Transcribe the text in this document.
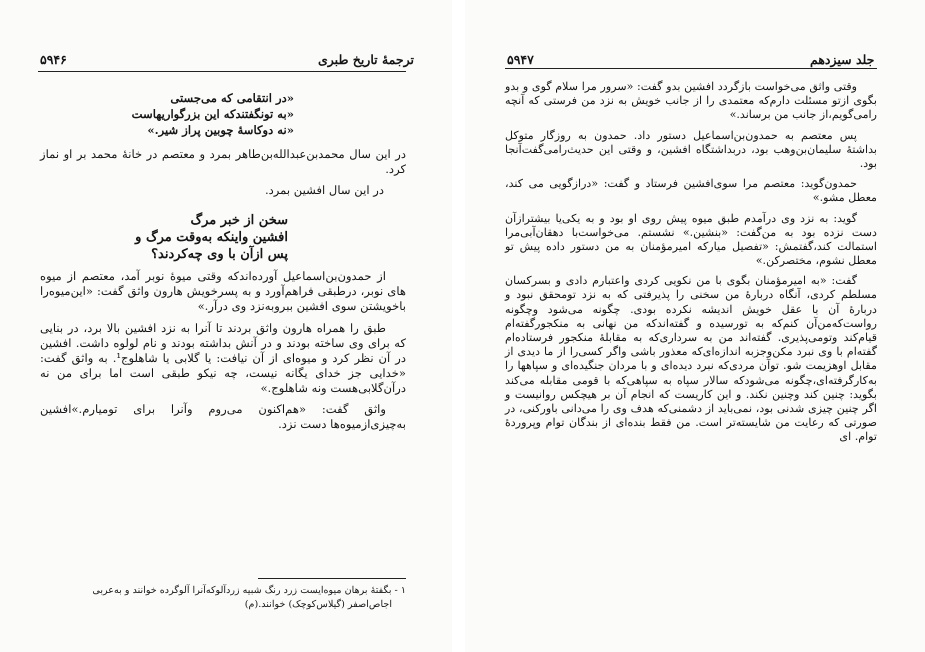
ترجمهٔ تاریخ طبری
۵۹۴۶
«در انتقامی که می‌جستی
«به تونگفتندکه این بزرگواریهاست
«نه دوکاسهٔ چوبین پراز شیر.»

در این سال محمدبن‌عبدالله‌بن‌طاهر بمرد و معتصم در خانهٔ محمد بر او نماز کرد.

در این سال افشین بمرد.

سخن از خبر مرگ
افشین واینکه به‌وقت مرگ و
پس ازآن با وی چه‌کردند؟

از حمدون‌بن‌اسماعیل آورده‌اندکه وقتی میوهٔ نوبر آمد، معتصم از میوه های نوبر، درطبقی فراهم‌آورد و به پسرخویش هارون واثق گفت: «این‌میوه‌را باخویشتن سوی افشین ببروبه‌نزد وی درآر.»

طبق را همراه هارون واثق بردند تا آنرا به نزد افشین بالا برد، در بنایی که برای وی ساخته بودند و در آنش بداشته بودند و نام لولوه داشت. افشین در آن نظر کرد و میوه‌ای از آن نیافت: یا گلابی یا شاهلوج¹. به واثق گفت: «خدایی جز خدای یگانه نیست، چه نیکو طبقی است اما برای من نه درآن‌گلابی‌هست ونه شاهلوج.»

واثق گفت: «هم‌اکنون می‌روم وآنرا برای تومیارم.»افشین به‌چیزی‌ازمیوه‌ها دست نزد.

۱ - بگفتهٔ برهان میوه‌ایست زرد رنگ شبیه زردآلوکه‌آنرا آلوگرده خوانند و به‌عربی
اجاص‌اصفر (گیلاس‌کوچک) خوانند.(م)
جلد سیزدهم
۵۹۴۷

وقتی واثق می‌خواست بازگردد افشین بدو گفت: «سرور مرا سلام گوی و بدو بگوی ازتو مسئلت دارم‌که معتمدی را از جانب خویش به نزد من فرستی که آنچه رامی‌گویم،از جانب من برساند.»

پس معتصم به حمدون‌بن‌اسماعیل دستور داد. حمدون به روزگار متوکل بداشتهٔ سلیمان‌بن‌وهب بود، دربداشتگاه افشین، و وقتی این حدیث‌رامی‌گفت‌آنجا بود.

حمدون‌گوید: معتصم مرا سوی‌افشین فرستاد و گفت: «درازگویی می کند، معطل مشو.»

گوید: به نزد وی درآمدم طبق میوه پیش روی او بود و به یکی‌یا بیشترازآن دست نزده بود به من‌گفت: «بنشین.» نشستم. می‌خواست‌با دهقان‌آبی‌مرا استمالت کند،گفتمش: «تفصیل میارکه امیرمؤمنان به من دستور داده پیش تو معطل نشوم، مختصرکن.»

گفت: «به امیرمؤمنان بگوی با من نکویی کردی واعتبارم دادی و بسرکسان مسلطم کردی، آنگاه دربارهٔ من سخنی را پذیرفتی که به نزد تومحقق نبود و دربارهٔ آن با عقل خویش اندیشه نکرده بودی. چگونه می‌شود وچگونه رواست‌که‌من‌آن کنم‌که به تورسیده و گفته‌اندکه من نهانی به منکجورگفته‌ام قیام‌کند وتومی‌پذیری. گفته‌اند من به سرداری‌که به مقابلهٔ منکجور فرستاده‌ام گفته‌ام با وی نبرد مکن‌وجزبه اندازه‌ای‌که معذور باشی واگر کسی‌را از ما دیدی از مقابل اوهزیمت شو. تو‌آن مردی‌که نبرد دیده‌ای و با مردان جنگیده‌ای و سپاهها را به‌کارگرفته‌ای،چگونه می‌شودکه سالار سپاه به سپاهی‌که با قومی مقابله می‌کند بگوید: چنین کند وچنین نکند. و این کاریست که انجام آن بر هیچکس روانیست و اگر چنین چیزی شدنی بود، نمی‌باید از دشمنی‌که هدف وی را می‌دانی باورکنی، در صورتی که رعایت من شایسته‌تر است. من فقط بنده‌ای از بندگان توام وپروردهٔ توام. ای
